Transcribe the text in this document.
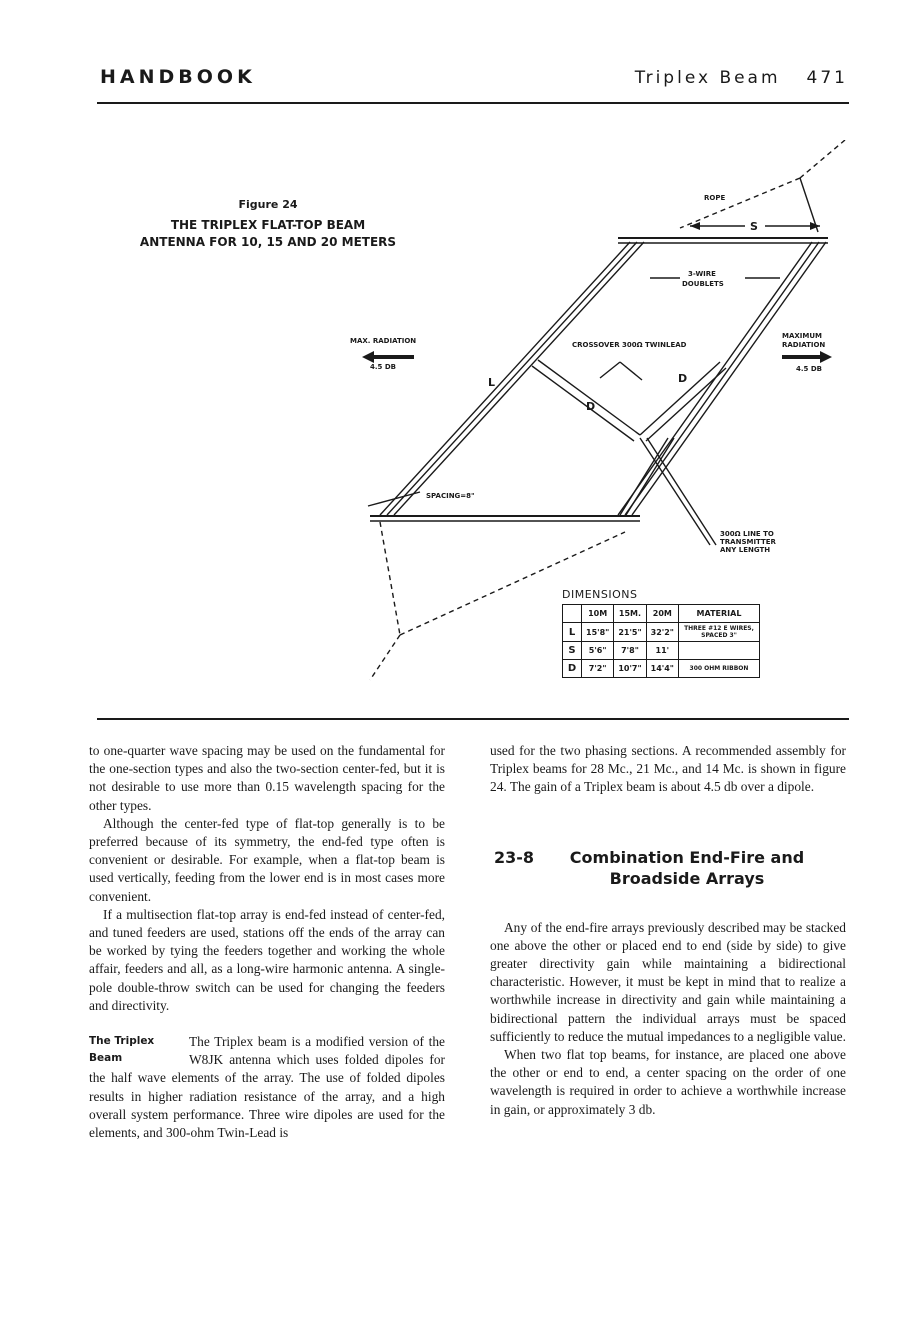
HANDBOOK	Triplex Beam 471
Figure 24
THE TRIPLEX FLAT-TOP BEAM ANTENNA FOR 10, 15 AND 20 METERS
ROPE
S
3-WIRE
DOUBLETS
MAX. RADIATION
4.5 DB
MAXIMUM
RADIATION
4.5 DB
CROSSOVER 300Ω TWINLEAD
L
D
D
SPACING=8"
300Ω LINE TO
TRANSMITTER
ANY LENGTH
DIMENSIONS
	10M	15M.	20M	MATERIAL
L	15'8"	21'5"	32'2"	THREE #12 E WIRES, SPACED 3"
S	5'6"	7'8"	11'	
D	7'2"	10'7"	14'4"	300 OHM RIBBON

to one-quarter wave spacing may be used on the fundamental for the one-section types and also the two-section center-fed, but it is not desirable to use more than 0.15 wavelength spacing for the other types.

Although the center-fed type of flat-top generally is to be preferred because of its symmetry, the end-fed type often is convenient or desirable. For example, when a flat-top beam is used vertically, feeding from the lower end is in most cases more convenient.

If a multisection flat-top array is end-fed instead of center-fed, and tuned feeders are used, stations off the ends of the array can be worked by tying the feeders together and working the whole affair, feeders and all, as a long-wire harmonic antenna. A single-pole double-throw switch can be used for changing the feeders and directivity.

The Triplex
Beam
The Triplex beam is a modified version of the W8JK antenna which uses folded dipoles for the half wave elements of the array. The use of folded dipoles results in higher radiation resistance of the array, and a high overall system performance. Three wire dipoles are used for the elements, and 300-ohm Twin-Lead is

used for the two phasing sections. A recommended assembly for Triplex beams for 28 Mc., 21 Mc., and 14 Mc. is shown in figure 24. The gain of a Triplex beam is about 4.5 db over a dipole.

23-8	Combination End-Fire and Broadside Arrays

Any of the end-fire arrays previously described may be stacked one above the other or placed end to end (side by side) to give greater directivity gain while maintaining a bidirectional characteristic. However, it must be kept in mind that to realize a worthwhile increase in directivity and gain while maintaining a bidirectional pattern the individual arrays must be spaced sufficiently to reduce the mutual impedances to a negligible value.

When two flat top beams, for instance, are placed one above the other or end to end, a center spacing on the order of one wavelength is required in order to achieve a worthwhile increase in gain, or approximately 3 db.
